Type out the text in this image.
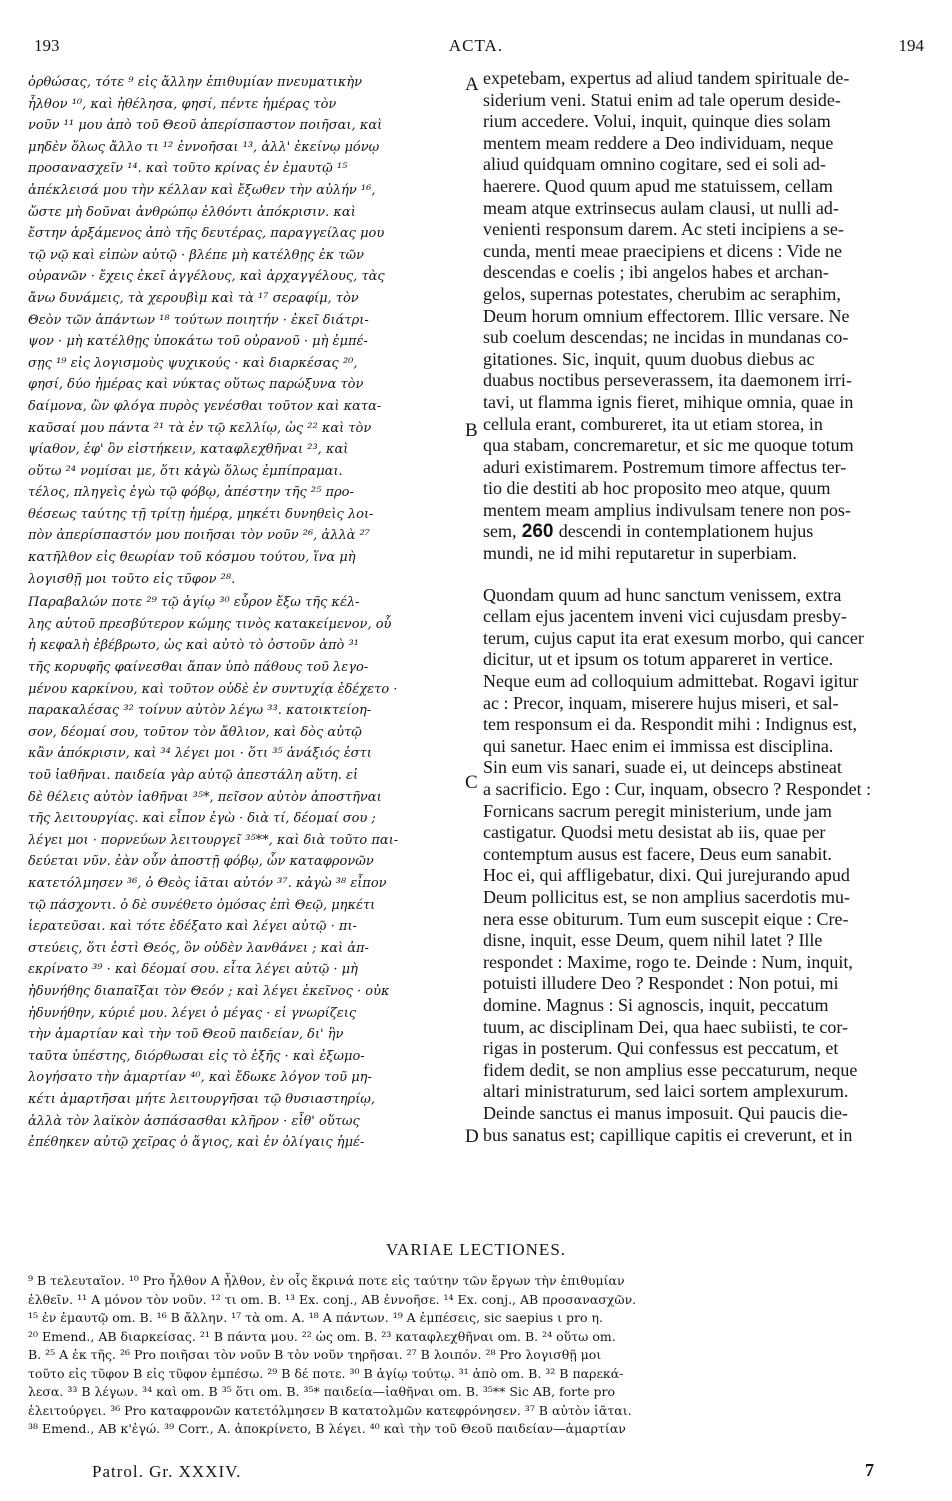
193	ACTA.	194

ὀρθώσας, τότε ⁹ εἰς ἄλλην ἐπιθυμίαν πνευματικὴν

ἦλθον ¹⁰, καὶ ἠθέλησα, φησί, πέντε ἡμέρας τὸν

νοῦν ¹¹ μου ἀπὸ τοῦ Θεοῦ ἀπερίσπαστον ποιῆσαι, καὶ

μηδὲν ὅλως ἄλλο τι ¹² ἐννοῆσαι ¹³, ἀλλ' ἐκείνῳ μόνῳ

προσανασχεῖν ¹⁴. καὶ τοῦτο κρίνας ἐν ἐμαυτῷ ¹⁵

ἀπέκλεισά μου τὴν κέλλαν καὶ ἔξωθεν τὴν αὐλήν ¹⁶,

ὥστε μὴ δοῦναι ἀνθρώπῳ ἐλθόντι ἀπόκρισιν. καὶ

ἔστην ἀρξάμενος ἀπὸ τῆς δευτέρας, παραγγείλας μου

τῷ νῷ καὶ εἰπὼν αὐτῷ · βλέπε μὴ κατέλθῃς ἐκ τῶν

οὐρανῶν · ἔχεις ἐκεῖ ἀγγέλους, καὶ ἀρχαγγέλους, τὰς

ἄνω δυνάμεις, τὰ χερουβὶμ καὶ τὰ ¹⁷ σεραφίμ, τὸν

Θεὸν τῶν ἁπάντων ¹⁸ τούτων ποιητήν · ἐκεῖ διάτρι-

ψον · μὴ κατέλθῃς ὑποκάτω τοῦ οὐρανοῦ · μὴ ἐμπέ-

σῃς ¹⁹ εἰς λογισμοὺς ψυχικούς · καὶ διαρκέσας ²⁰,

φησί, δύο ἡμέρας καὶ νύκτας οὕτως παρώξυνα τὸν

δαίμονα, ὢν φλόγα πυρὸς γενέσθαι τοῦτον καὶ κατα-

καῦσαί μου πάντα ²¹ τὰ ἐν τῷ κελλίῳ, ὡς ²² καὶ τὸν

ψίαθον, ἐφ' ὃν εἱστήκειν, καταφλεχθῆναι ²³, καὶ

οὕτω ²⁴ νομίσαι με, ὅτι κἀγὼ ὅλως ἐμπίπραμαι.

τέλος, πληγεὶς ἐγὼ τῷ φόβῳ, ἀπέστην τῆς ²⁵ προ-

θέσεως ταύτης τῇ τρίτῃ ἡμέρᾳ, μηκέτι δυνηθεὶς λοι-

πὸν ἀπερίσπαστόν μου ποιῆσαι τὸν νοῦν ²⁶, ἀλλὰ ²⁷

κατῆλθον εἰς θεωρίαν τοῦ κόσμου τούτου, ἵνα μὴ

λογισθῇ μοι τοῦτο εἰς τῦφον ²⁸.

Παραβαλών ποτε ²⁹ τῷ ἁγίῳ ³⁰ εὗρον ἔξω τῆς κέλ-

λης αὐτοῦ πρεσβύτερον κώμης τινὸς κατακείμενον, οὗ

ἡ κεφαλὴ ἐβέβρωτο, ὡς καὶ αὐτὸ τὸ ὀστοῦν ἀπὸ ³¹

τῆς κορυφῆς φαίνεσθαι ἅπαν ὑπὸ πάθους τοῦ λεγο-

μένου καρκίνου, καὶ τοῦτον οὐδὲ ἐν συντυχίᾳ ἐδέχετο ·

παρακαλέσας ³² τοίνυν αὐτὸν λέγω ³³. κατοικτείοη-

σον, δέομαί σου, τοῦτον τὸν ἄθλιον, καὶ δὸς αὐτῷ

κἂν ἀπόκρισιν, καὶ ³⁴ λέγει μοι · ὅτι ³⁵ ἀνάξιός ἐστι

τοῦ ἰαθῆναι. παιδεία γὰρ αὐτῷ ἀπεστάλη αὕτη. εἰ

δὲ θέλεις αὐτὸν ἰαθῆναι ³⁵*, πεῖσον αὐτὸν ἀποστῆναι

τῆς λειτουργίας. καὶ εἶπον ἐγὼ · διὰ τί, δέομαί σου ;

λέγει μοι · πορνεύων λειτουργεῖ ³⁵**, καὶ διὰ τοῦτο παι-

δεύεται νῦν. ἐὰν οὖν ἀποστῇ φόβῳ, ὧν καταφρονῶν

κατετόλμησεν ³⁶, ὁ Θεὸς ἰᾶται αὐτόν ³⁷. κἀγὼ ³⁸ εἶπον

τῷ πάσχοντι. ὁ δὲ συνέθετο ὀμόσας ἐπὶ Θεῷ, μηκέτι

ἱερατεῦσαι. καὶ τότε ἐδέξατο καὶ λέγει αὐτῷ · πι-

στεύεις, ὅτι ἐστὶ Θεός, ὃν οὐδὲν λανθάνει ; καὶ ἀπ-

εκρίνατο ³⁹ · καὶ δέομαί σου. εἶτα λέγει αὐτῷ · μὴ

ἠδυνήθης διαπαῖξαι τὸν Θεόν ; καὶ λέγει ἐκεῖνος · οὐκ

ἠδυνήθην, κύριέ μου. λέγει ὁ μέγας · εἰ γνωρίζεις

τὴν ἁμαρτίαν καὶ τὴν τοῦ Θεοῦ παιδείαν, δι' ἣν

ταῦτα ὑπέστης, διόρθωσαι εἰς τὸ ἑξῆς · καὶ ἐξωμο-

λογήσατο τὴν ἁμαρτίαν ⁴⁰, καὶ ἔδωκε λόγον τοῦ μη-

κέτι ἁμαρτῆσαι μήτε λειτουργῆσαι τῷ θυσιαστηρίῳ,

ἀλλὰ τὸν λαϊκὸν ἀσπάσασθαι κλῆρον · εἶθ' οὕτως

ἐπέθηκεν αὐτῷ χεῖρας ὁ ἅγιος, καὶ ἐν ὀλίγαις ἡμέ-

expetebam, expertus ad aliud tandem spirituale de-

siderium veni. Statui enim ad tale operum deside-

rium accedere. Volui, inquit, quinque dies solam

mentem meam reddere a Deo individuam, neque

aliud quidquam omnino cogitare, sed ei soli ad-

haerere. Quod quum apud me statuissem, cellam

meam atque extrinsecus aulam clausi, ut nulli ad-

venienti responsum darem. Ac steti incipiens a se-

cunda, menti meae praecipiens et dicens : Vide ne

descendas e coelis ; ibi angelos habes et archan-

gelos, supernas potestates, cherubim ac seraphim,

Deum horum omnium effectorem. Illic versare. Ne

sub coelum descendas; ne incidas in mundanas co-

gitationes. Sic, inquit, quum duobus diebus ac

duabus noctibus perseverassem, ita daemonem irri-

tavi, ut flamma ignis fieret, mihique omnia, quae in

cellula erant, combureret, ita ut etiam storea, in

qua stabam, concremaretur, et sic me quoque totum

aduri existimarem. Postremum timore affectus ter-

tio die destiti ab hoc proposito meo atque, quum

mentem meam amplius indivulsam tenere non pos-

sem, 260 descendi in contemplationem hujus

mundi, ne id mihi reputaretur in superbiam.

Quondam quum ad hunc sanctum venissem, extra

cellam ejus jacentem inveni vici cujusdam presby-

terum, cujus caput ita erat exesum morbo, qui cancer

dicitur, ut et ipsum os totum appareret in vertice.

Neque eum ad colloquium admittebat. Rogavi igitur

ac : Precor, inquam, miserere hujus miseri, et sal-

tem responsum ei da. Respondit mihi : Indignus est,

qui sanetur. Haec enim ei immissa est disciplina.

Sin eum vis sanari, suade ei, ut deinceps abstineat

a sacrificio. Ego : Cur, inquam, obsecro ? Respondet :

Fornicans sacrum peregit ministerium, unde jam

castigatur. Quodsi metu desistat ab iis, quae per

contemptum ausus est facere, Deus eum sanabit.

Hoc ei, qui affligebatur, dixi. Qui jurejurando apud

Deum pollicitus est, se non amplius sacerdotis mu-

nera esse obiturum. Tum eum suscepit eique : Cre-

disne, inquit, esse Deum, quem nihil latet ? Ille

respondet : Maxime, rogo te. Deinde : Num, inquit,

potuisti illudere Deo ? Respondet : Non potui, mi

domine. Magnus : Si agnoscis, inquit, peccatum

tuum, ac disciplinam Dei, qua haec subiisti, te cor-

rigas in posterum. Qui confessus est peccatum, et

fidem dedit, se non amplius esse peccaturum, neque

altari ministraturum, sed laici sortem amplexurum.

Deinde sanctus ei manus imposuit. Qui paucis die-

bus sanatus est; capillique capitis ei creverunt, et in

A
B
C
D
VARIAE LECTIONES.

⁹ B τελευταῖον. ¹⁰ Pro ἦλθον A ἦλθον, ἐν οἷς ἔκρινά ποτε εἰς ταύτην τῶν ἔργων τὴν ἐπιθυμίαν

ἐλθεῖν. ¹¹ A μόνον τὸν νοῦν. ¹² τι om. B. ¹³ Ex. conj., AB ἐννοῆσε. ¹⁴ Ex. conj., AB προσανασχῶν.

¹⁵ ἐν ἐμαυτῷ om. B. ¹⁶ B ἄλλην. ¹⁷ τὰ om. A. ¹⁸ A πάντων. ¹⁹ A ἐμπέσεις, sic saepius ι pro η.

²⁰ Emend., AB διαρκείσας. ²¹ B πάντα μου. ²² ὡς om. B. ²³ καταφλεχθῆναι om. B. ²⁴ οὕτω om.

B. ²⁵ A ἐκ τῆς. ²⁶ Pro ποιῆσαι τὸν νοῦν B τὸν νοῦν τηρῆσαι. ²⁷ B λοιπόν. ²⁸ Pro λογισθῇ μοι

τοῦτο εἰς τῦφον B εἰς τῦφον ἐμπέσω. ²⁹ B δέ ποτε. ³⁰ B ἁγίῳ τούτῳ. ³¹ ἀπὸ om. B. ³² B παρεκά-

λεσα. ³³ B λέγων. ³⁴ καὶ om. B ³⁵ ὅτι om. B. ³⁵* παιδεία—ἰαθῆναι om. B. ³⁵** Sic AB, forte pro

ἐλειτούργει. ³⁶ Pro καταφρονῶν κατετόλμησεν B κατατολμῶν κατεφρόνησεν. ³⁷ B αὐτὸν ἰᾶται.

³⁸ Emend., AB κ'ἐγώ. ³⁹ Corr., A. ἀποκρίνετο, B λέγει. ⁴⁰ καὶ τὴν τοῦ Θεοῦ παιδείαν—ἁμαρτίαν

Patrol. Gr. XXXIV.	7
